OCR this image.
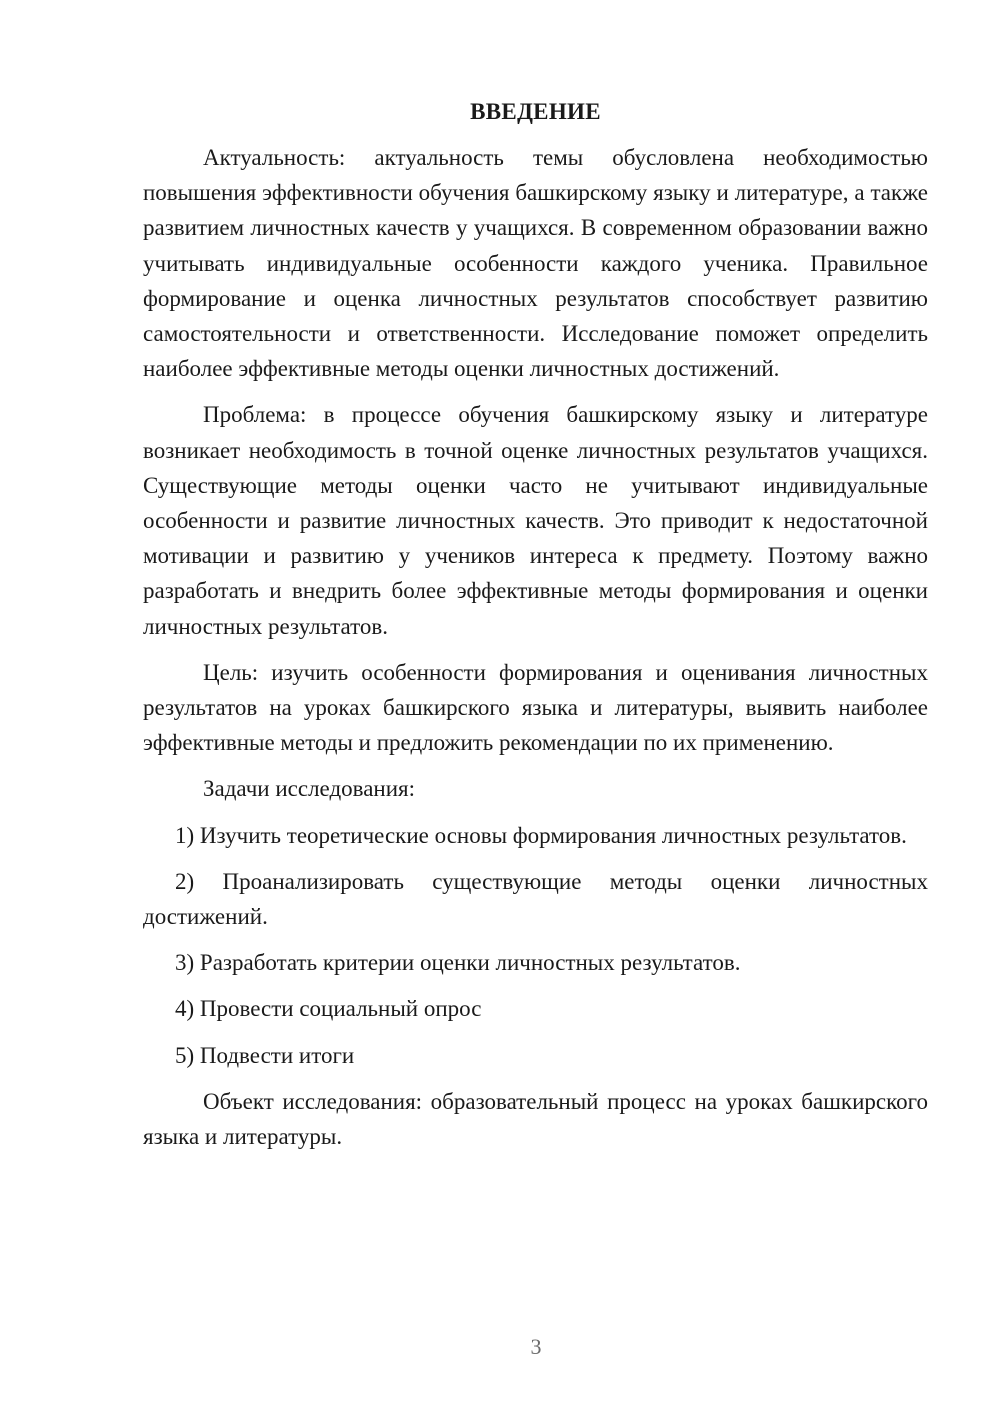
ВВЕДЕНИЕ

Актуальность: актуальность темы обусловлена необходимостью повышения эффективности обучения башкирскому языку и литературе, а также развитием личностных качеств у учащихся. В современном образовании важно учитывать индивидуальные особенности каждого ученика. Правильное формирование и оценка личностных результатов способствует развитию самостоятельности и ответственности. Исследование поможет определить наиболее эффективные методы оценки личностных достижений.

Проблема: в процессе обучения башкирскому языку и литературе возникает необходимость в точной оценке личностных результатов учащихся. Существующие методы оценки часто не учитывают индивидуальные особенности и развитие личностных качеств. Это приводит к недостаточной мотивации и развитию у учеников интереса к предмету. Поэтому важно разработать и внедрить более эффективные методы формирования и оценки личностных результатов.

Цель: изучить особенности формирования и оценивания личностных результатов на уроках башкирского языка и литературы, выявить наиболее эффективные методы и предложить рекомендации по их применению.

Задачи исследования:

1) Изучить теоретические основы формирования личностных результатов.

2) Проанализировать существующие методы оценки личностных достижений.

3) Разработать критерии оценки личностных результатов.

4) Провести социальный опрос

5) Подвести итоги

Объект исследования: образовательный процесс на уроках башкирского языка и литературы.

3
